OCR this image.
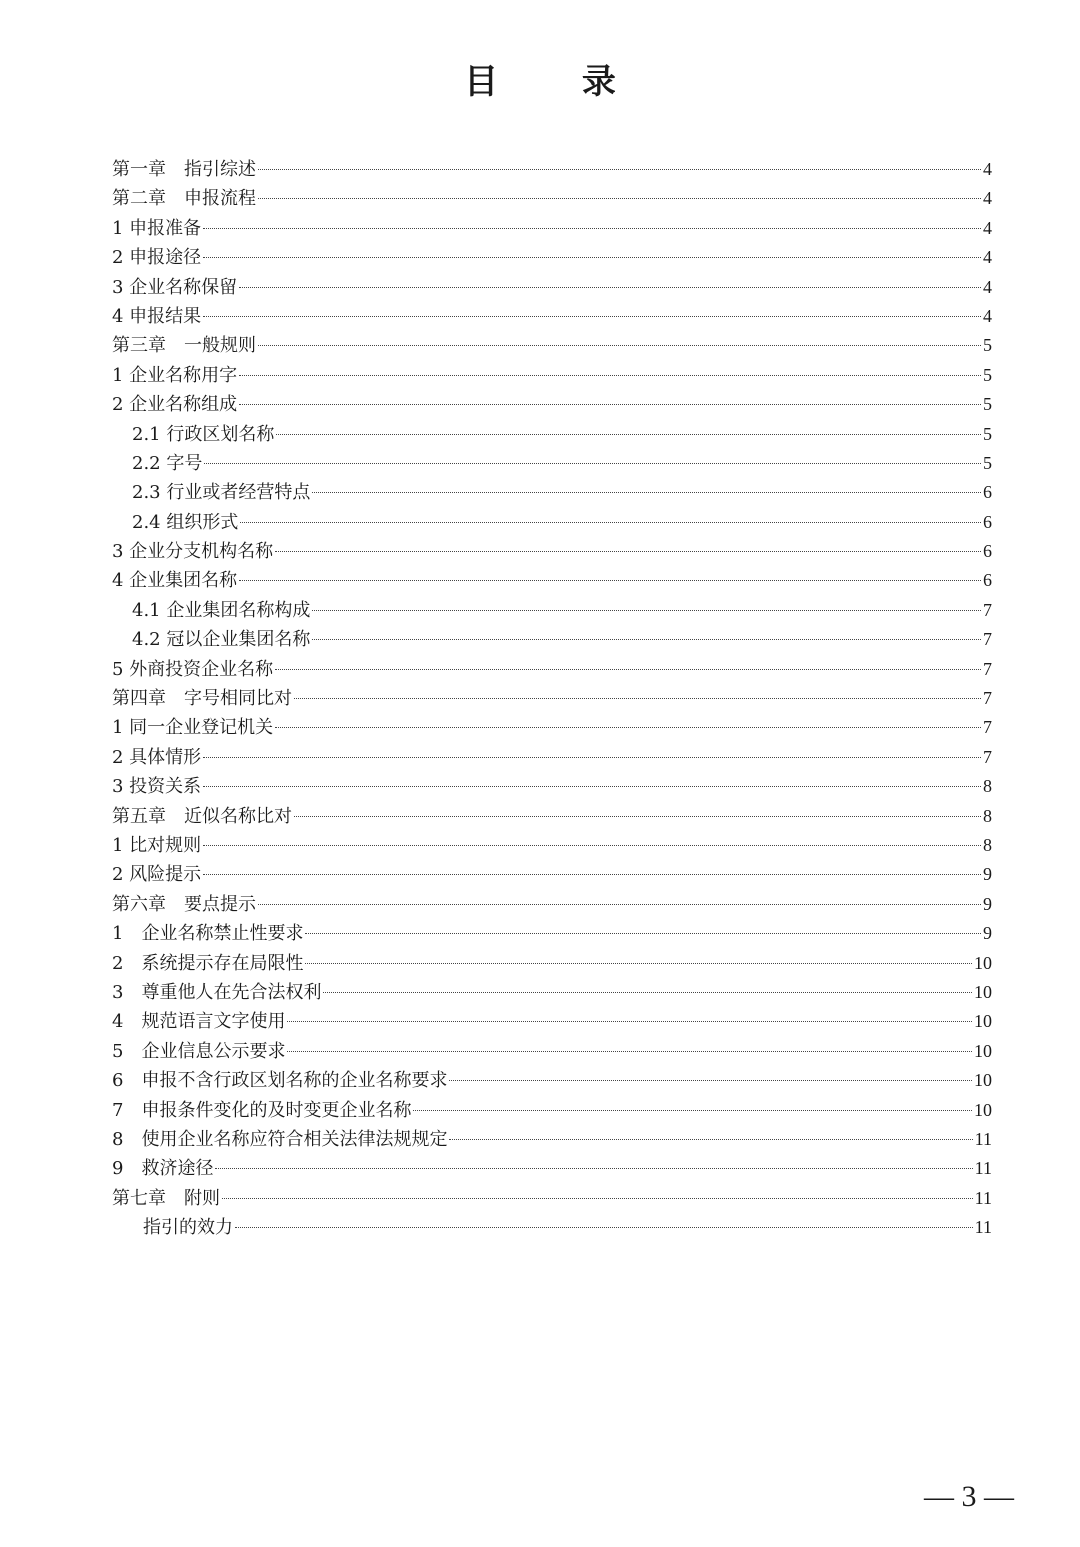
目 录
第一章　指引综述	4
第二章　申报流程	4
1 申报准备	4
2 申报途径	4
3 企业名称保留	4
4 申报结果	4
第三章　一般规则	5
1 企业名称用字	5
2 企业名称组成	5
2.1 行政区划名称	5
2.2 字号	5
2.3 行业或者经营特点	6
2.4 组织形式	6
3 企业分支机构名称	6
4 企业集团名称	6
4.1 企业集团名称构成	7
4.2 冠以企业集团名称	7
5 外商投资企业名称	7
第四章　字号相同比对	7
1 同一企业登记机关	7
2 具体情形	7
3 投资关系	8
第五章　近似名称比对	8
1 比对规则	8
2 风险提示	9
第六章　要点提示	9
1　企业名称禁止性要求	9
2　系统提示存在局限性	10
3　尊重他人在先合法权利	10
4　规范语言文字使用	10
5　企业信息公示要求	10
6　申报不含行政区划名称的企业名称要求	10
7　申报条件变化的及时变更企业名称	10
8　使用企业名称应符合相关法律法规规定	11
9　救济途径	11
第七章　附则	11
指引的效力	11
— 3 —
